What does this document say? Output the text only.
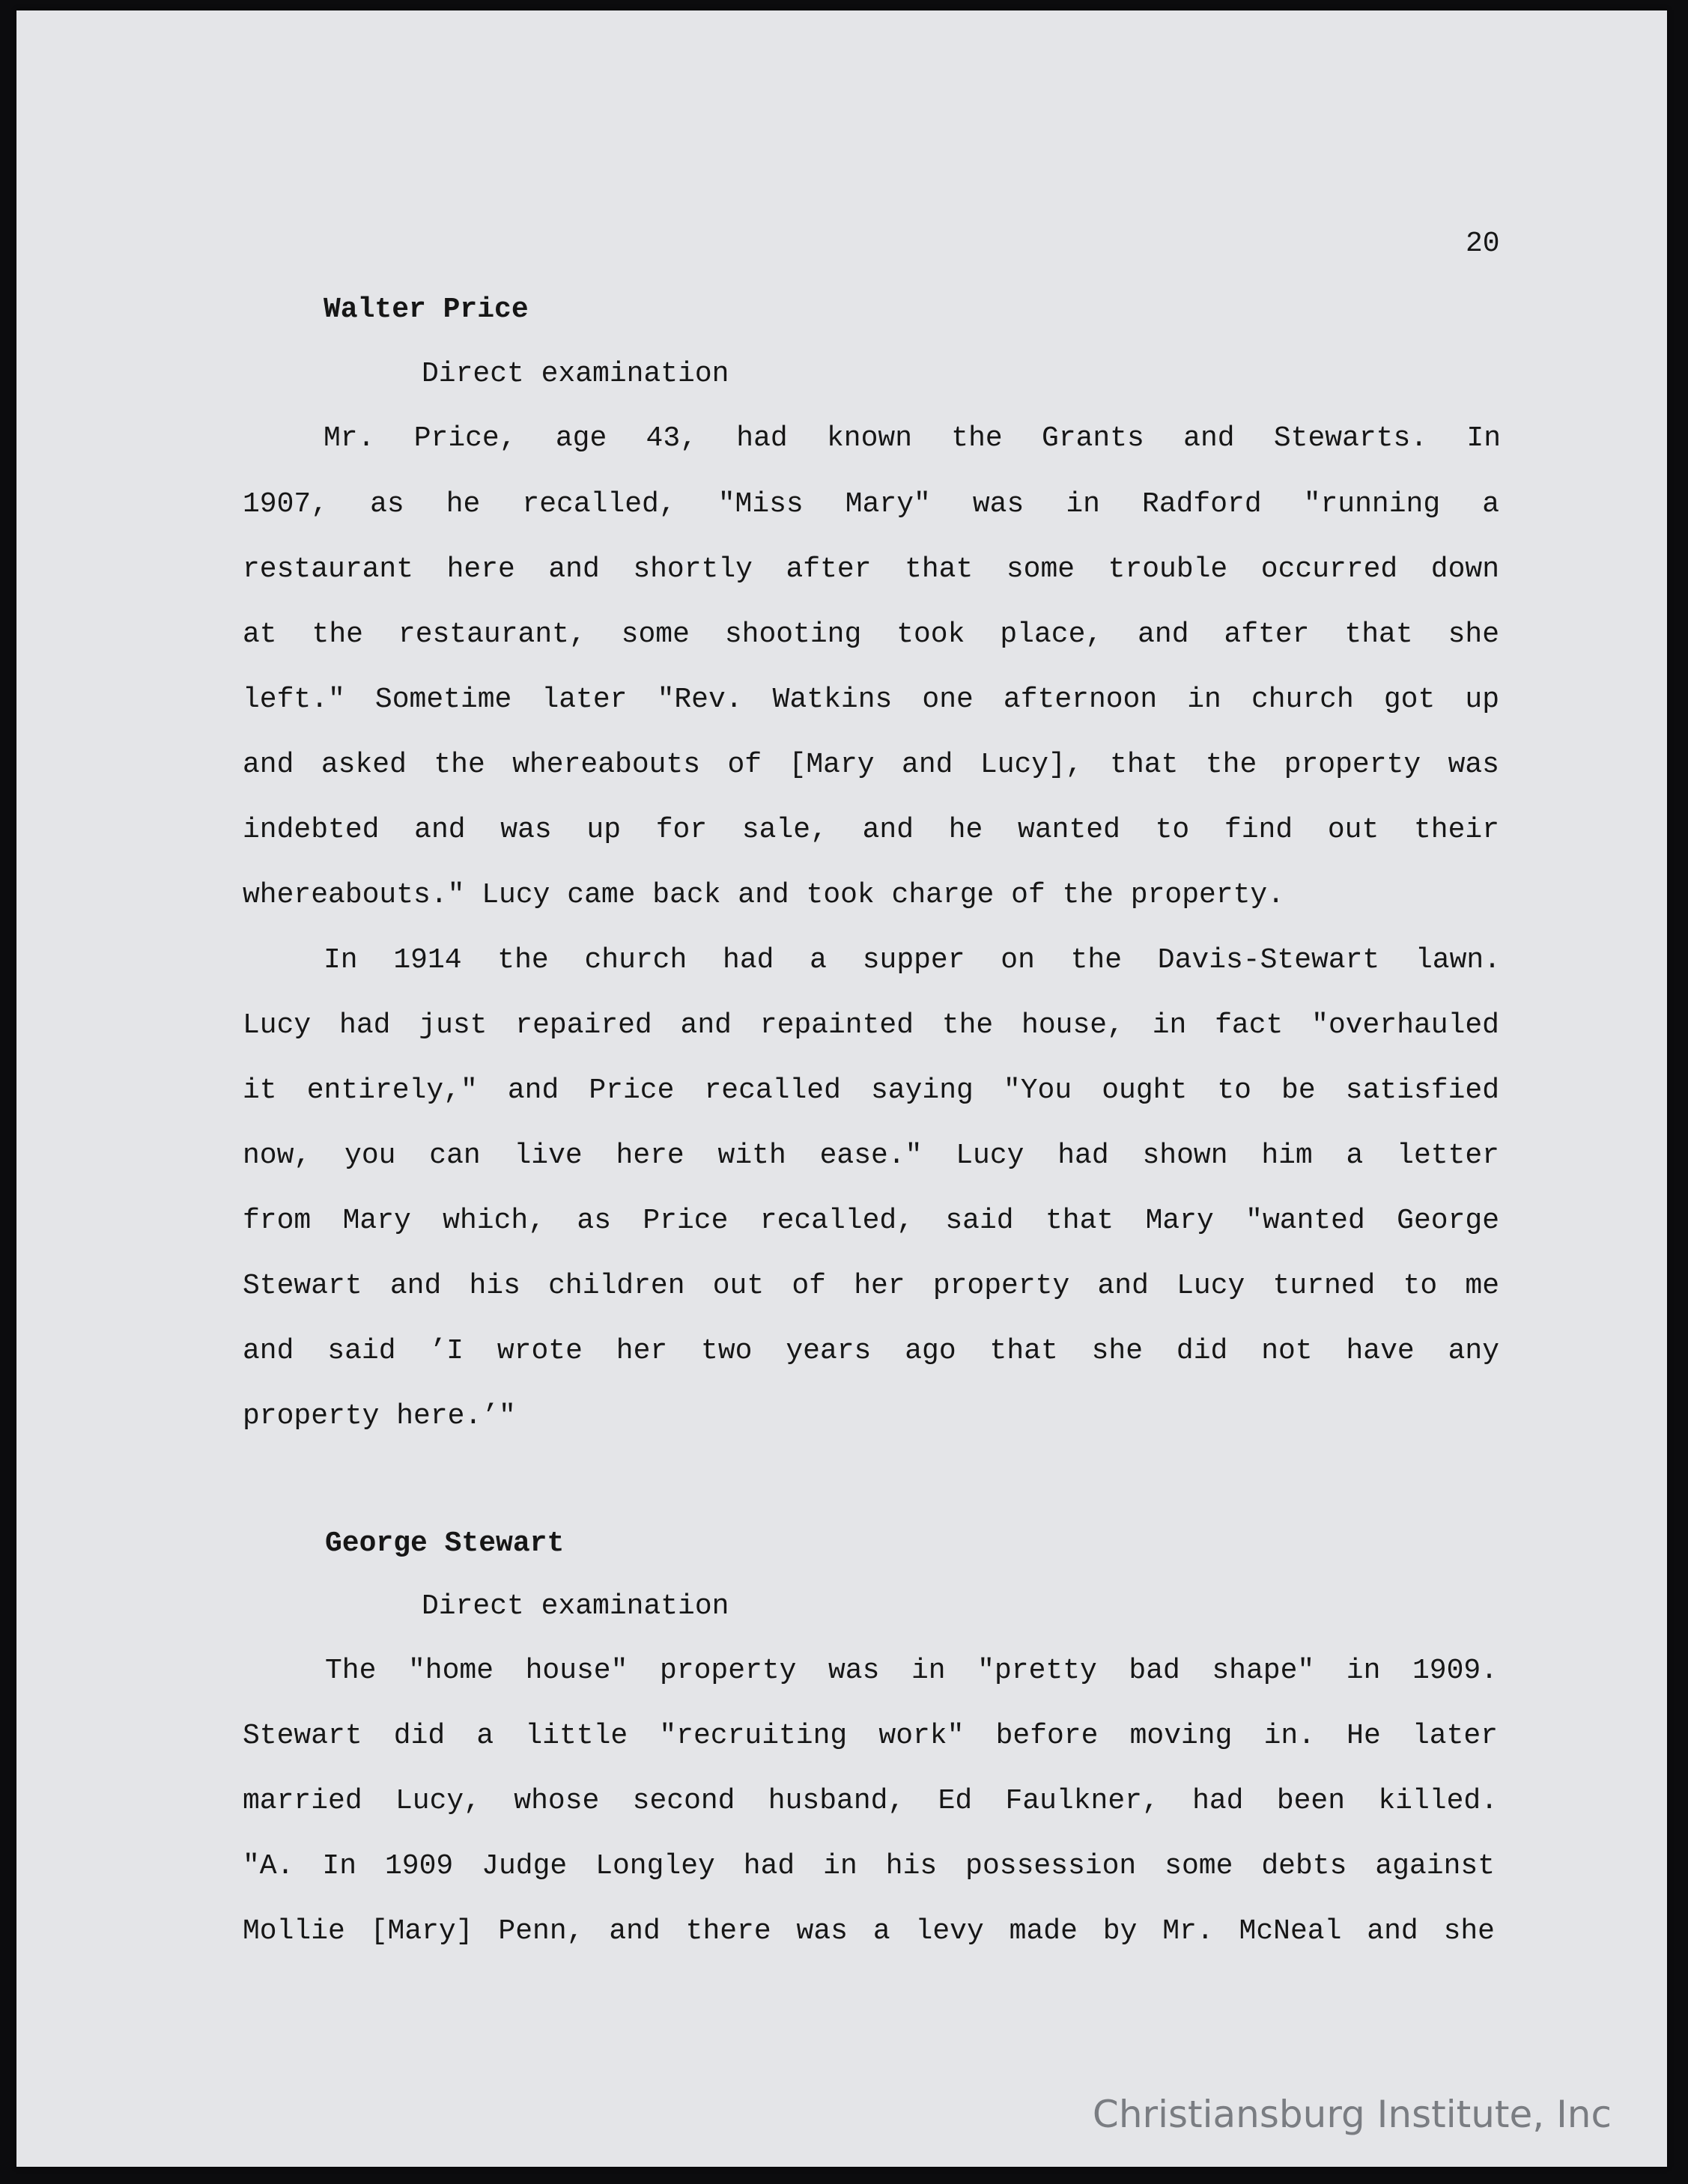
20
Walter Price
Direct examination
Mr. Price, age 43, had known the Grants and Stewarts. In
1907, as he recalled, "Miss Mary" was in Radford "running a
restaurant here and shortly after that some trouble occurred down
at the restaurant, some shooting took place, and after that she
left." Sometime later "Rev. Watkins one afternoon in church got up
and asked the whereabouts of [Mary and Lucy], that the property was
indebted and was up for sale, and he wanted to find out their
whereabouts." Lucy came back and took charge of the property.
In 1914 the church had a supper on the Davis-Stewart lawn.
Lucy had just repaired and repainted the house, in fact "overhauled
it entirely," and Price recalled saying "You ought to be satisfied
now, you can live here with ease." Lucy had shown him a letter
from Mary which, as Price recalled, said that Mary "wanted George
Stewart and his children out of her property and Lucy turned to me
and said ’I wrote her two years ago that she did not have any
property here.’"
George Stewart
Direct examination
The "home house" property was in "pretty bad shape" in 1909.
Stewart did a little "recruiting work" before moving in. He later
married Lucy, whose second husband, Ed Faulkner, had been killed.
"A. In 1909 Judge Longley had in his possession some debts against
Mollie [Mary] Penn, and there was a levy made by Mr. McNeal and she
Christiansburg Institute, Inc
